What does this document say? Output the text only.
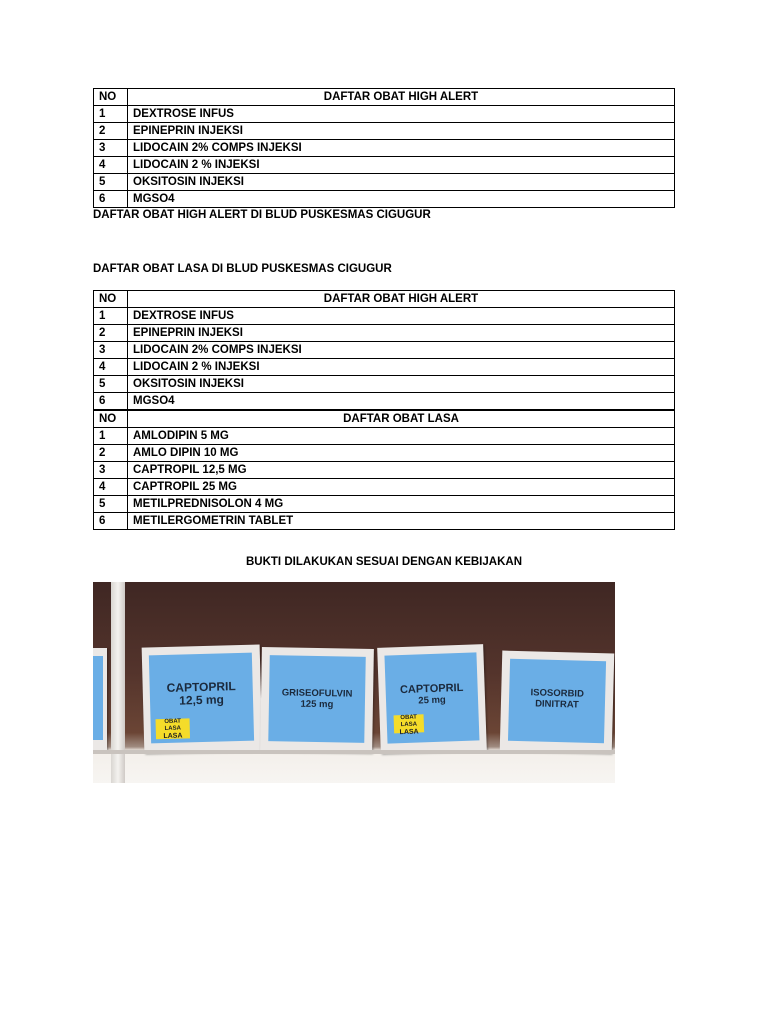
NO	DAFTAR OBAT HIGH ALERT
1	DEXTROSE INFUS
2	EPINEPRIN INJEKSI
3	LIDOCAIN 2% COMPS INJEKSI
4	LIDOCAIN 2 % INJEKSI
5	OKSITOSIN INJEKSI
6	MGSO4
DAFTAR OBAT HIGH ALERT DI BLUD PUSKESMAS CIGUGUR
DAFTAR OBAT LASA DI BLUD PUSKESMAS CIGUGUR
NO	DAFTAR OBAT HIGH ALERT
1	DEXTROSE INFUS
2	EPINEPRIN INJEKSI
3	LIDOCAIN 2% COMPS INJEKSI
4	LIDOCAIN 2 % INJEKSI
5	OKSITOSIN INJEKSI
6	MGSO4
NO	DAFTAR OBAT LASA
1	AMLODIPIN 5 MG
2	AMLO DIPIN 10 MG
3	CAPTROPIL 12,5 MG
4	CAPTROPIL 25 MG
5	METILPREDNISOLON 4 MG
6	METILERGOMETRIN TABLET
BUKTI DILAKUKAN SESUAI DENGAN KEBIJAKAN
CAPTOPRIL
12,5 mg
OBAT LASA
LASA
GRISEOFULVIN
125 mg
CAPTOPRIL
25 mg
OBAT LASA
LASA
ISOSORBID
DINITRAT
